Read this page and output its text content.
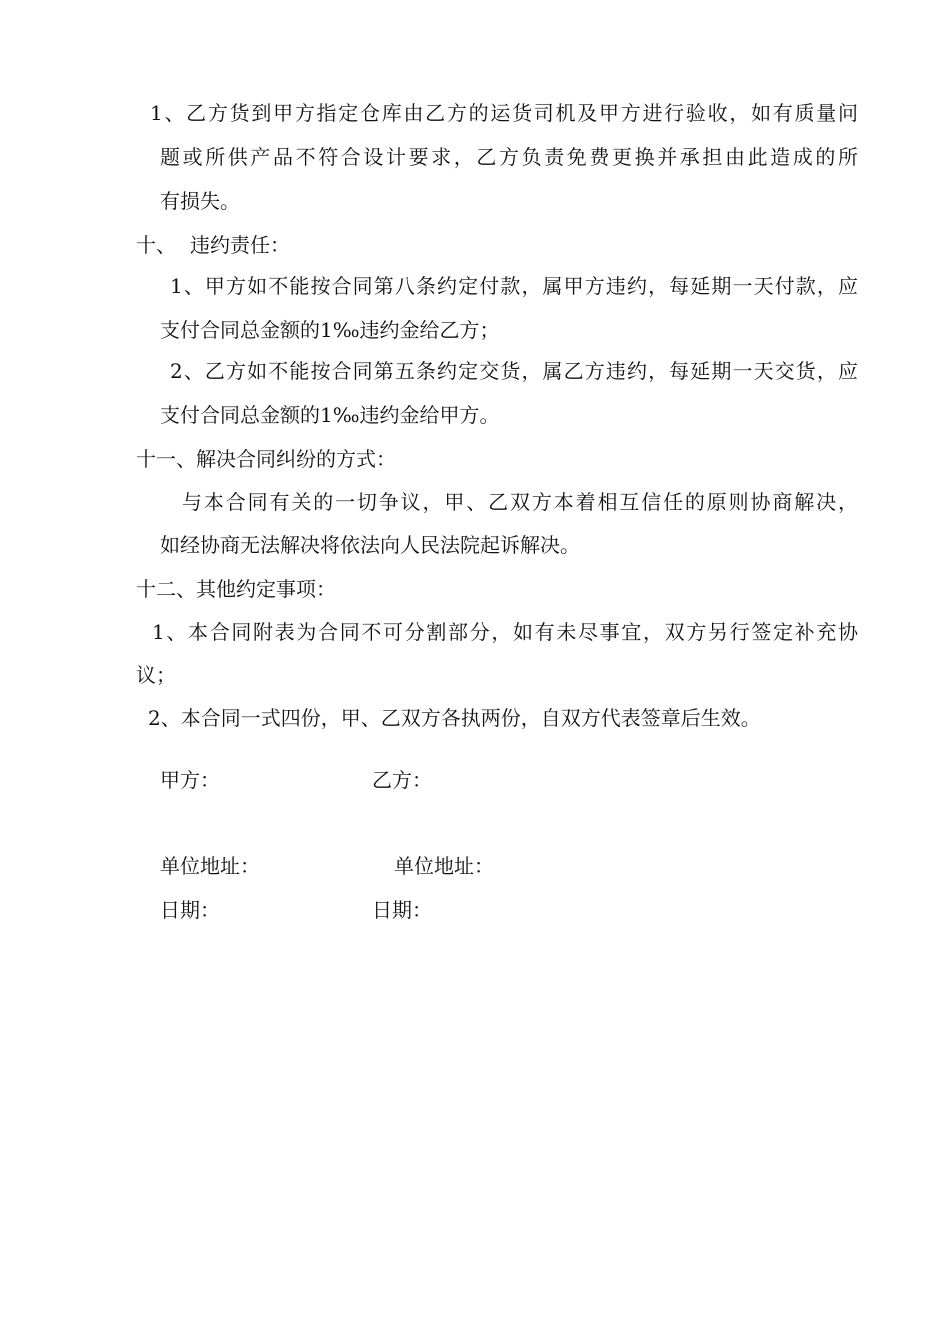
1、乙方货到甲方指定仓库由乙方的运货司机及甲方进行验收，如有质量问
题或所供产品不符合设计要求，乙方负责免费更换并承担由此造成的所
有损失。
十、 违约责任：
1、甲方如不能按合同第八条约定付款，属甲方违约，每延期一天付款，应
支付合同总金额的1‰违约金给乙方；
2、乙方如不能按合同第五条约定交货，属乙方违约，每延期一天交货，应
支付合同总金额的1‰违约金给甲方。
十一、解决合同纠纷的方式：
与本合同有关的一切争议，甲、乙双方本着相互信任的原则协商解决，
如经协商无法解决将依法向人民法院起诉解决。
十二、其他约定事项：
1、本合同附表为合同不可分割部分，如有未尽事宜，双方另行签定补充协
议；
2、本合同一式四份，甲、乙双方各执两份，自双方代表签章后生效。
甲方：	乙方：
单位地址：	单位地址：
日期：	日期：
